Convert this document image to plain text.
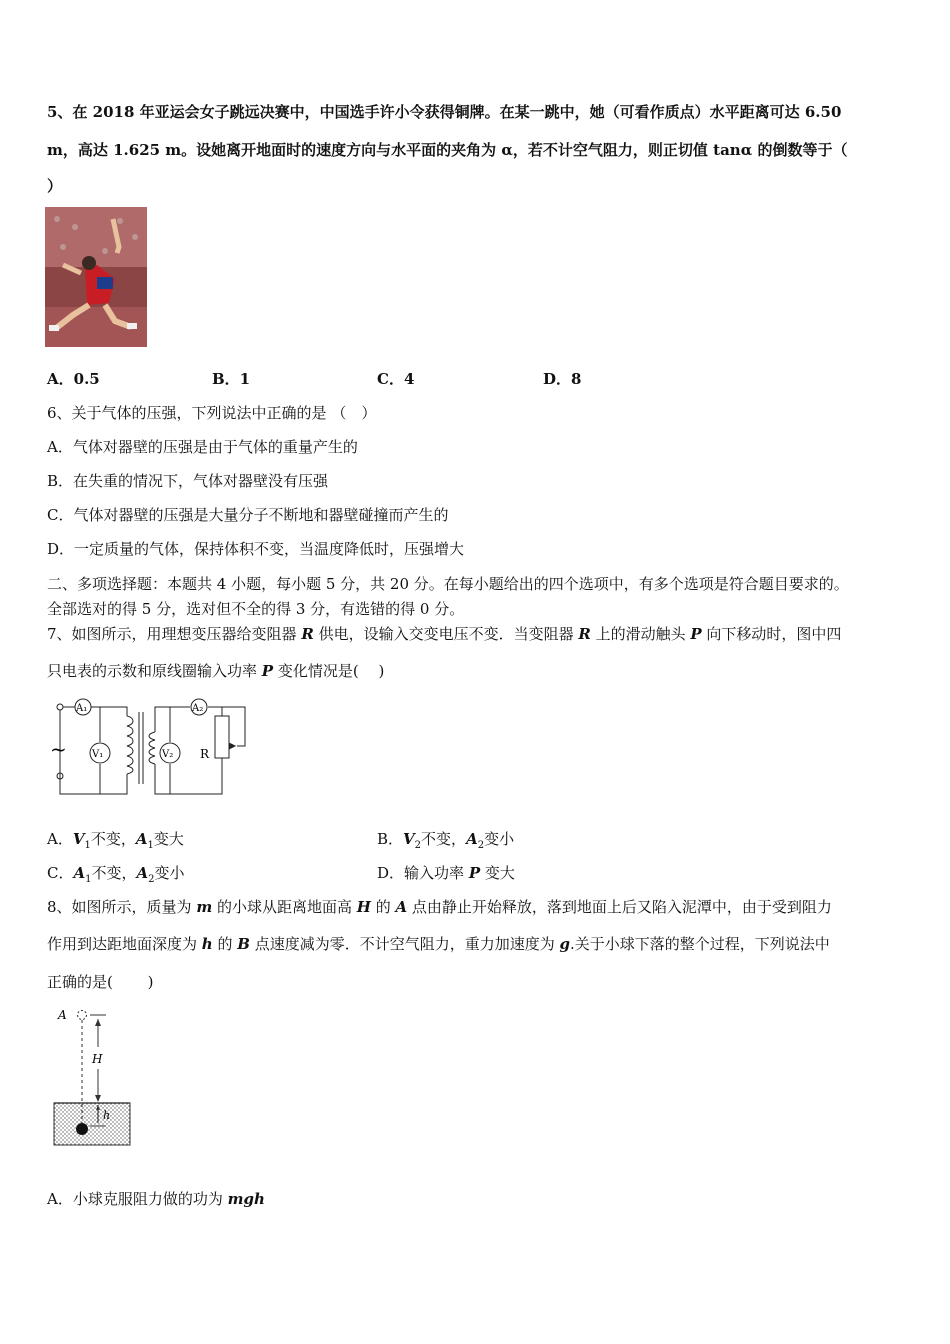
5、在 2018 年亚运会女子跳远决赛中，中国选手许小令获得铜牌。在某一跳中，她（可看作质点）水平距离可达 6.50
m，高达 1.625 m。设她离开地面时的速度方向与水平面的夹角为 α，若不计空气阻力，则正切值 tanα 的倒数等于（
）
A．0.5	B．1	C．4	D．8
6、关于气体的压强，下列说法中正确的是 （　）
A．气体对器壁的压强是由于气体的重量产生的
B．在失重的情况下，气体对器壁没有压强
C．气体对器壁的压强是大量分子不断地和器壁碰撞而产生的
D．一定质量的气体，保持体积不变，当温度降低时，压强增大
二、多项选择题：本题共 4 小题，每小题 5 分，共 20 分。在每小题给出的四个选项中，有多个选项是符合题目要求的。
全部选对的得 5 分，选对但不全的得 3 分，有选错的得 0 分。
7、如图所示，用理想变压器给变阻器 R 供电，设输入交变电压不变．当变阻器 R 上的滑动触头 P 向下移动时，图中四
只电表的示数和原线圈输入功率 P 变化情况是(　 )
A₁
V₁
A₂
V₂ R
~
A．$V_1$不变，$A_1$变大	B．$V_2$不变，$A_2$变小
C．$A_1$不变，$A_2$变小	D．输入功率 P 变大
8、如图所示，质量为 m 的小球从距离地面高 H 的 A 点由静止开始释放，落到地面上后又陷入泥潭中，由于受到阻力
作用到达距地面深度为 h 的 B 点速度减为零．不计空气阻力，重力加速度为 g.关于小球下落的整个过程，下列说法中
正确的是(　　 )
A
H
h
A．小球克服阻力做的功为 mgh
